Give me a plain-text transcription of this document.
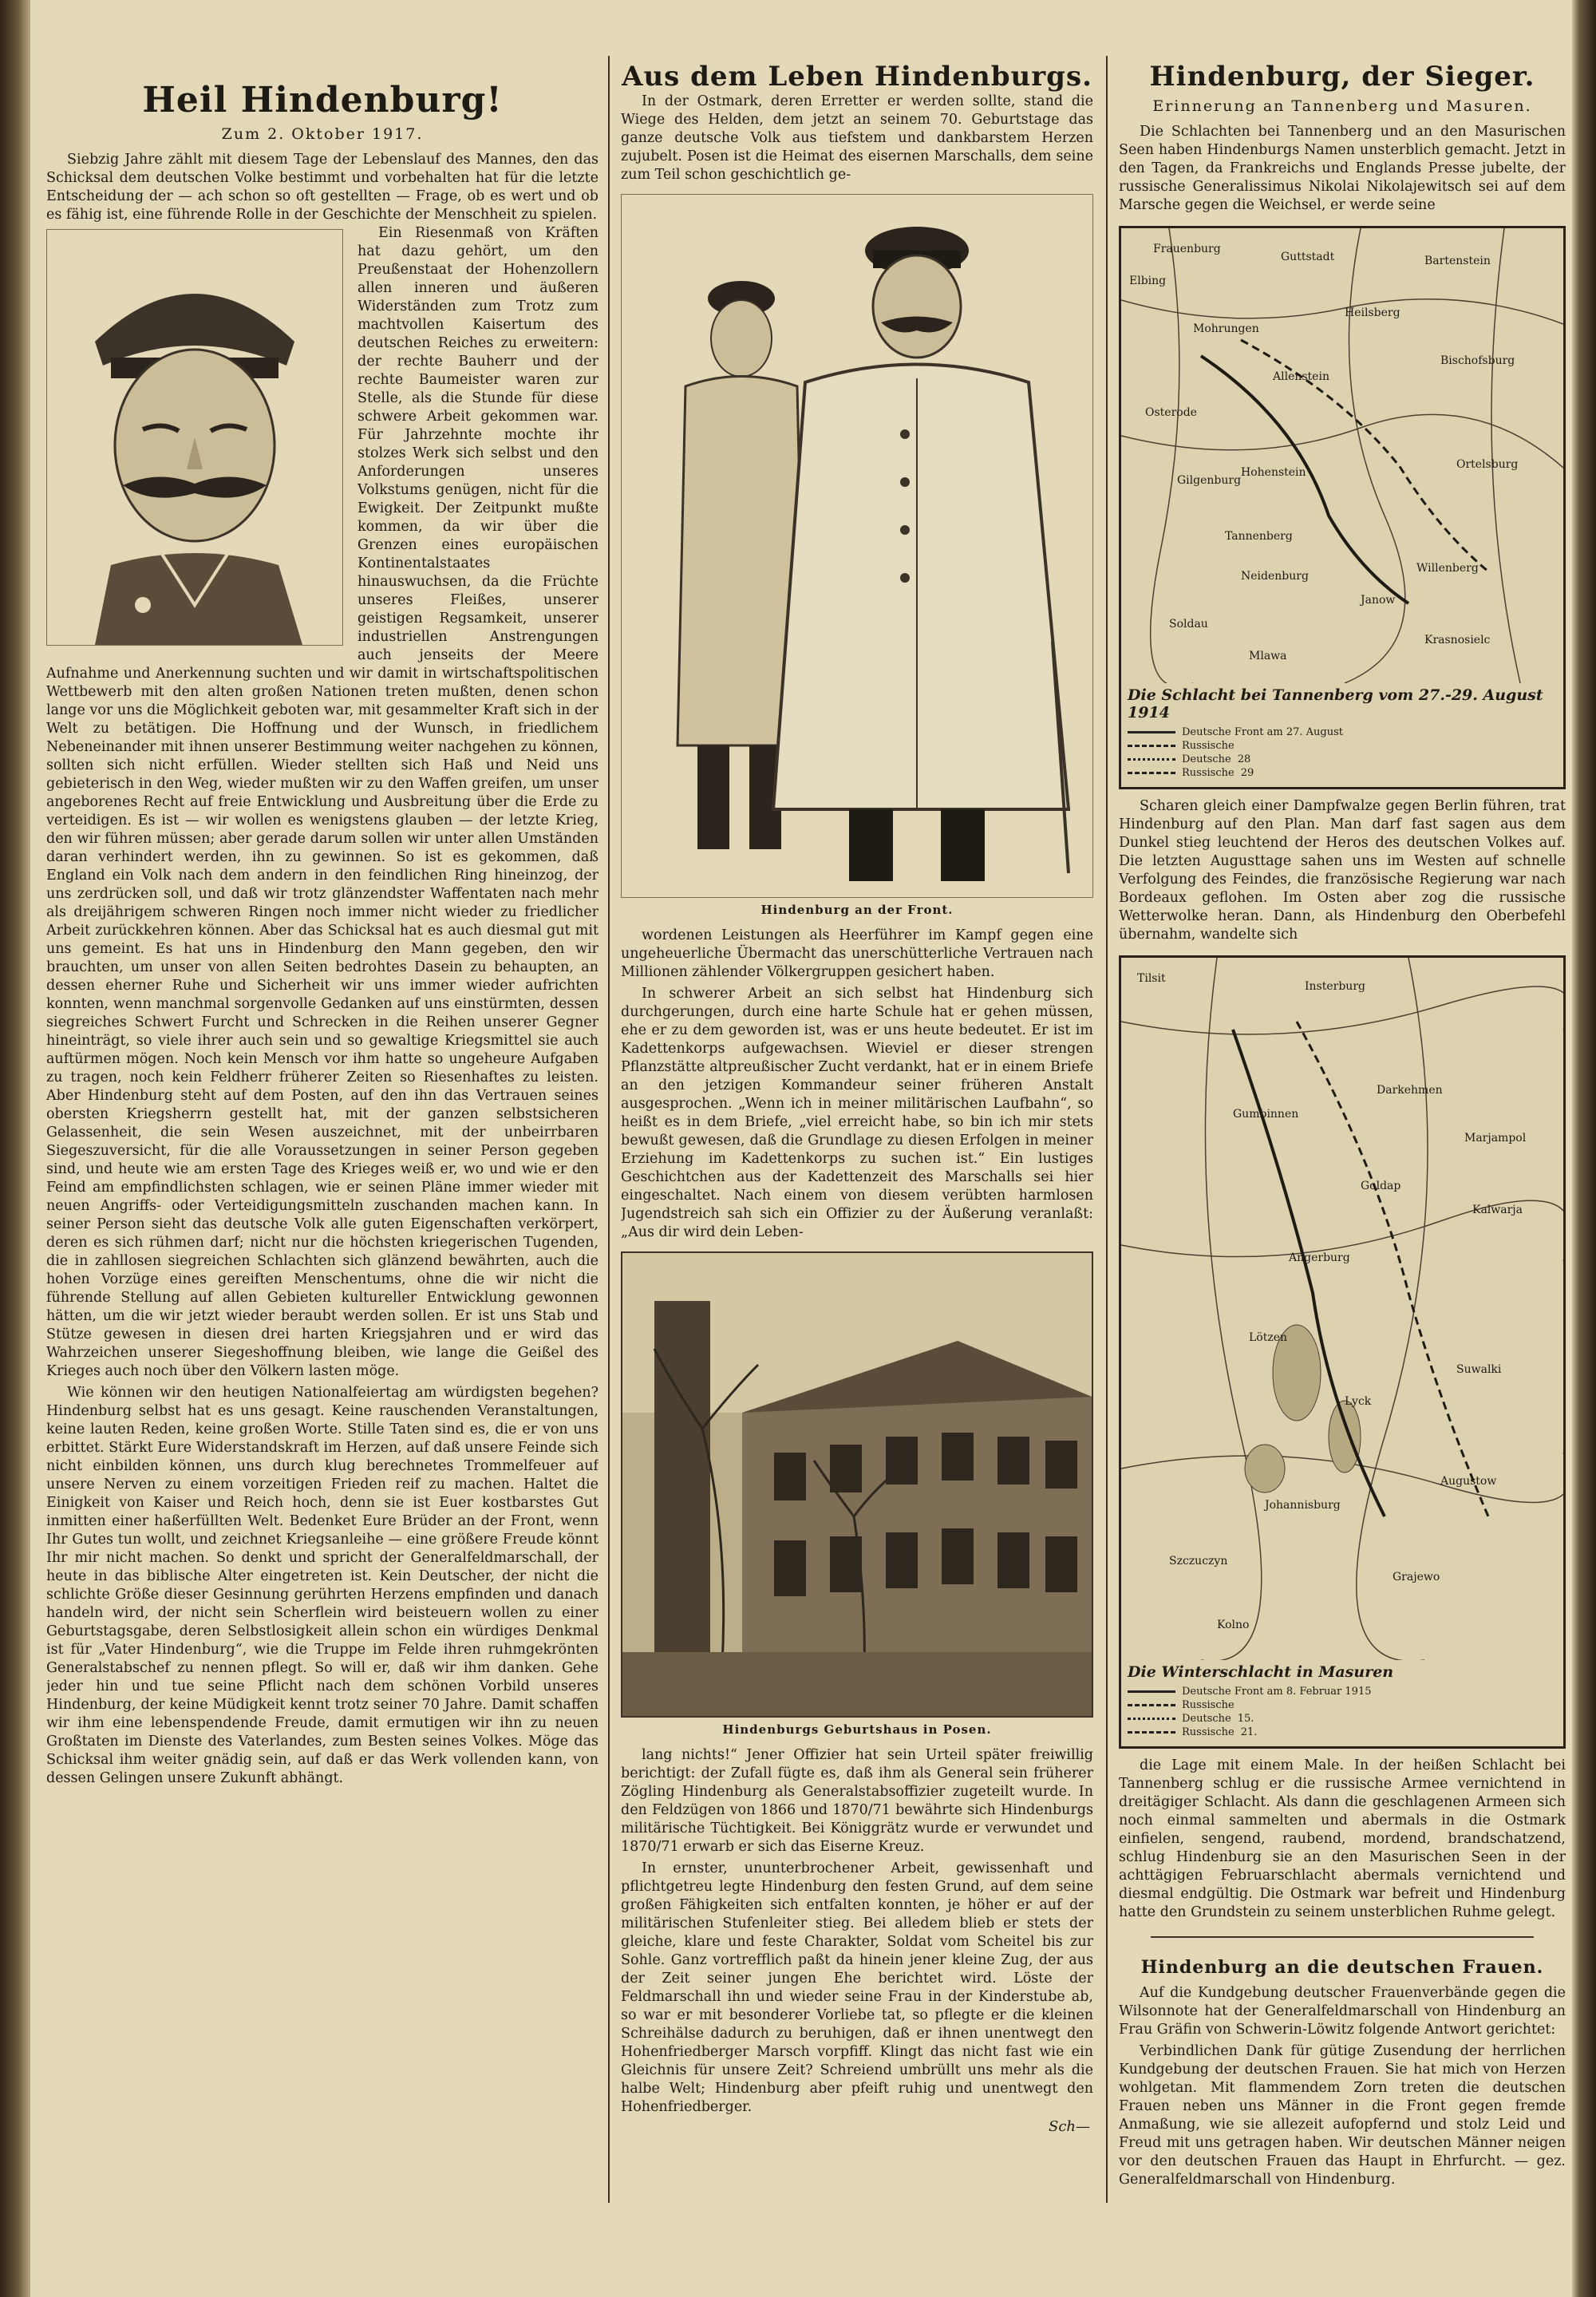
Heil Hindenburg!
Zum 2. Oktober 1917.

Siebzig Jahre zählt mit diesem Tage der Lebenslauf des Mannes, den das Schicksal dem deutschen Volke bestimmt und vorbehalten hat für die letzte Entscheidung der — ach schon so oft gestellten — Frage, ob es wert und ob es fähig ist, eine führende Rolle in der Geschichte der Menschheit zu spielen.

Ein Riesenmaß von Kräften hat dazu gehört, um den Preußenstaat der Hohenzollern allen inneren und äußeren Widerständen zum Trotz zum machtvollen Kaisertum des deutschen Reiches zu erweitern: der rechte Bauherr und der rechte Baumeister waren zur Stelle, als die Stunde für diese schwere Arbeit gekommen war. Für Jahrzehnte mochte ihr stolzes Werk sich selbst und den Anforderungen unseres Volkstums genügen, nicht für die Ewigkeit. Der Zeitpunkt mußte kommen, da wir über die Grenzen eines europäischen Kontinentalstaates hinauswuchsen, da die Früchte unseres Fleißes, unserer geistigen Regsamkeit, unserer industriellen Anstrengungen auch jenseits der Meere Aufnahme und Anerkennung suchten und wir damit in wirtschaftspolitischen Wettbewerb mit den alten großen Nationen treten mußten, denen schon lange vor uns die Möglichkeit geboten war, mit gesammelter Kraft sich in der Welt zu betätigen. Die Hoffnung und der Wunsch, in friedlichem Nebeneinander mit ihnen unserer Bestimmung weiter nachgehen zu können, sollten sich nicht erfüllen. Wieder stellten sich Haß und Neid uns gebieterisch in den Weg, wieder mußten wir zu den Waffen greifen, um unser angeborenes Recht auf freie Entwicklung und Ausbreitung über die Erde zu verteidigen. Es ist — wir wollen es wenigstens glauben — der letzte Krieg, den wir führen müssen; aber gerade darum sollen wir unter allen Umständen daran verhindert werden, ihn zu gewinnen. So ist es gekommen, daß England ein Volk nach dem andern in den feindlichen Ring hineinzog, der uns zerdrücken soll, und daß wir trotz glänzendster Waffentaten nach mehr als dreijährigem schweren Ringen noch immer nicht wieder zu friedlicher Arbeit zurückkehren können. Aber das Schicksal hat es auch diesmal gut mit uns gemeint. Es hat uns in Hindenburg den Mann gegeben, den wir brauchten, um unser von allen Seiten bedrohtes Dasein zu behaupten, an dessen eherner Ruhe und Sicherheit wir uns immer wieder aufrichten konnten, wenn manchmal sorgenvolle Gedanken auf uns einstürmten, dessen siegreiches Schwert Furcht und Schrecken in die Reihen unserer Gegner hineinträgt, so viele ihrer auch sein und so gewaltige Kriegsmittel sie auch auftürmen mögen. Noch kein Mensch vor ihm hatte so ungeheure Aufgaben zu tragen, noch kein Feldherr früherer Zeiten so Riesenhaftes zu leisten. Aber Hindenburg steht auf dem Posten, auf den ihn das Vertrauen seines obersten Kriegsherrn gestellt hat, mit der ganzen selbstsicheren Gelassenheit, die sein Wesen auszeichnet, mit der unbeirrbaren Siegeszuversicht, für die alle Voraussetzungen in seiner Person gegeben sind, und heute wie am ersten Tage des Krieges weiß er, wo und wie er den Feind am empfindlichsten schlagen, wie er seinen Pläne immer wieder mit neuen Angriffs- oder Verteidigungsmitteln zuschanden machen kann. In seiner Person sieht das deutsche Volk alle guten Eigenschaften verkörpert, deren es sich rühmen darf; nicht nur die höchsten kriegerischen Tugenden, die in zahllosen siegreichen Schlachten sich glänzend bewährten, auch die hohen Vorzüge eines gereiften Menschentums, ohne die wir nicht die führende Stellung auf allen Gebieten kultureller Entwicklung gewonnen hätten, um die wir jetzt wieder beraubt werden sollen. Er ist uns Stab und Stütze gewesen in diesen drei harten Kriegsjahren und er wird das Wahrzeichen unserer Siegeshoffnung bleiben, wie lange die Geißel des Krieges auch noch über den Völkern lasten möge.

Wie können wir den heutigen Nationalfeiertag am würdigsten begehen? Hindenburg selbst hat es uns gesagt. Keine rauschenden Veranstaltungen, keine lauten Reden, keine großen Worte. Stille Taten sind es, die er von uns erbittet. Stärkt Eure Widerstandskraft im Herzen, auf daß unsere Feinde sich nicht einbilden können, uns durch klug berechnetes Trommelfeuer auf unsere Nerven zu einem vorzeitigen Frieden reif zu machen. Haltet die Einigkeit von Kaiser und Reich hoch, denn sie ist Euer kostbarstes Gut inmitten einer haßerfüllten Welt. Bedenket Eure Brüder an der Front, wenn Ihr Gutes tun wollt, und zeichnet Kriegsanleihe — eine größere Freude könnt Ihr mir nicht machen. So denkt und spricht der Generalfeldmarschall, der heute in das biblische Alter eingetreten ist. Kein Deutscher, der nicht die schlichte Größe dieser Gesinnung gerührten Herzens empfinden und danach handeln wird, der nicht sein Scherflein wird beisteuern wollen zu einer Geburtstagsgabe, deren Selbstlosigkeit allein schon ein würdiges Denkmal ist für „Vater Hindenburg“, wie die Truppe im Felde ihren ruhmgekrönten Generalstabschef zu nennen pflegt. So will er, daß wir ihm danken. Gehe jeder hin und tue seine Pflicht nach dem schönen Vorbild unseres Hindenburg, der keine Müdigkeit kennt trotz seiner 70 Jahre. Damit schaffen wir ihm eine lebenspendende Freude, damit ermutigen wir ihn zu neuen Großtaten im Dienste des Vaterlandes, zum Besten seines Volkes. Möge das Schicksal ihm weiter gnädig sein, auf daß er das Werk vollenden kann, von dessen Gelingen unsere Zukunft abhängt.

Aus dem Leben Hindenburgs.

In der Ostmark, deren Erretter er werden sollte, stand die Wiege des Helden, dem jetzt an seinem 70. Geburtstage das ganze deutsche Volk aus tiefstem und dankbarstem Herzen zujubelt. Posen ist die Heimat des eisernen Marschalls, dem seine zum Teil schon geschichtlich ge-

Hindenburg an der Front.

wordenen Leistungen als Heerführer im Kampf gegen eine ungeheuerliche Übermacht das unerschütterliche Vertrauen nach Millionen zählender Völkergruppen gesichert haben.

In schwerer Arbeit an sich selbst hat Hindenburg sich durchgerungen, durch eine harte Schule hat er gehen müssen, ehe er zu dem geworden ist, was er uns heute bedeutet. Er ist im Kadettenkorps aufgewachsen. Wieviel er dieser strengen Pflanzstätte altpreußischer Zucht verdankt, hat er in einem Briefe an den jetzigen Kommandeur seiner früheren Anstalt ausgesprochen. „Wenn ich in meiner militärischen Laufbahn“, so heißt es in dem Briefe, „viel erreicht habe, so bin ich mir stets bewußt gewesen, daß die Grundlage zu diesen Erfolgen in meiner Erziehung im Kadettenkorps zu suchen ist.“ Ein lustiges Geschichtchen aus der Kadettenzeit des Marschalls sei hier eingeschaltet. Nach einem von diesem verübten harmlosen Jugendstreich sah sich ein Offizier zu der Äußerung veranlaßt: „Aus dir wird dein Leben-

Hindenburgs Geburtshaus in Posen.

lang nichts!“ Jener Offizier hat sein Urteil später freiwillig berichtigt: der Zufall fügte es, daß ihm als General sein früherer Zögling Hindenburg als Generalstabsoffizier zugeteilt wurde. In den Feldzügen von 1866 und 1870/71 bewährte sich Hindenburgs militärische Tüchtigkeit. Bei Königgrätz wurde er verwundet und 1870/71 erwarb er sich das Eiserne Kreuz.

In ernster, ununterbrochener Arbeit, gewissenhaft und pflichtgetreu legte Hindenburg den festen Grund, auf dem seine großen Fähigkeiten sich entfalten konnten, je höher er auf der militärischen Stufenleiter stieg. Bei alledem blieb er stets der gleiche, klare und feste Charakter, Soldat vom Scheitel bis zur Sohle. Ganz vortrefflich paßt da hinein jener kleine Zug, der aus der Zeit seiner jungen Ehe berichtet wird. Löste der Feldmarschall ihn und wieder seine Frau in der Kinderstube ab, so war er mit besonderer Vorliebe tat, so pflegte er die kleinen Schreihälse dadurch zu beruhigen, daß er ihnen unentwegt den Hohenfriedberger Marsch vorpfiff. Klingt das nicht fast wie ein Gleichnis für unsere Zeit? Schreiend umbrüllt uns mehr als die halbe Welt; Hindenburg aber pfeift ruhig und unentwegt den Hohenfriedberger.

Sch—
Hindenburg, der Sieger.
Erinnerung an Tannenberg und Masuren.

Die Schlachten bei Tannenberg und an den Masurischen Seen haben Hindenburgs Namen unsterblich gemacht. Jetzt in den Tagen, da Frankreichs und Englands Presse jubelte, der russische Generalissimus Nikolai Nikolajewitsch sei auf dem Marsche gegen die Weichsel, er werde seine

Frauenburg
Guttstadt	Bartenstein
Elbing
Mohrungen
Heilsberg
Allenstein
Bischofsburg
Osterode
Gilgenburg
Hohenstein
Ortelsburg
Tannenberg
Neidenburg
Soldau
Willenberg
Mlawa
Krasnosielc
Janow
Die Schlacht bei Tannenberg vom 27.-29. August 1914
Deutsche Front am 27. August
Russische
Deutsche 28
Russische 29

Scharen gleich einer Dampfwalze gegen Berlin führen, trat Hindenburg auf den Plan. Man darf fast sagen aus dem Dunkel stieg leuchtend der Heros des deutschen Volkes auf. Die letzten Augusttage sahen uns im Westen auf schnelle Verfolgung des Feindes, die französische Regierung war nach Bordeaux geflohen. Im Osten aber zog die russische Wetterwolke heran. Dann, als Hindenburg den Oberbefehl übernahm, wandelte sich

Tilsit
Insterburg
Gumbinnen
Darkehmen
Goldap
Angerburg
Lötzen
Lyck
Johannisburg
Suwalki
Augustow
Kalwarja
Marjampol
Kolno
Szczuczyn
Grajewo
Die Winterschlacht in Masuren
Deutsche Front am 8. Februar 1915
Russische
Deutsche 15.
Russische 21.

die Lage mit einem Male. In der heißen Schlacht bei Tannenberg schlug er die russische Armee vernichtend in dreitägiger Schlacht. Als dann die geschlagenen Armeen sich noch einmal sammelten und abermals in die Ostmark einfielen, sengend, raubend, mordend, brandschatzend, schlug Hindenburg sie an den Masurischen Seen in der achttägigen Februarschlacht abermals vernichtend und diesmal endgültig. Die Ostmark war befreit und Hindenburg hatte den Grundstein zu seinem unsterblichen Ruhme gelegt.

Hindenburg an die deutschen Frauen.

Auf die Kundgebung deutscher Frauenverbände gegen die Wilsonnote hat der Generalfeldmarschall von Hindenburg an Frau Gräfin von Schwerin-Löwitz folgende Antwort gerichtet:

Verbindlichen Dank für gütige Zusendung der herrlichen Kundgebung der deutschen Frauen. Sie hat mich von Herzen wohlgetan. Mit flammendem Zorn treten die deutschen Frauen neben uns Männer in die Front gegen fremde Anmaßung, wie sie allezeit aufopfernd und stolz Leid und Freud mit uns getragen haben. Wir deutschen Männer neigen vor den deutschen Frauen das Haupt in Ehrfurcht. — gez. Generalfeldmarschall von Hindenburg.
